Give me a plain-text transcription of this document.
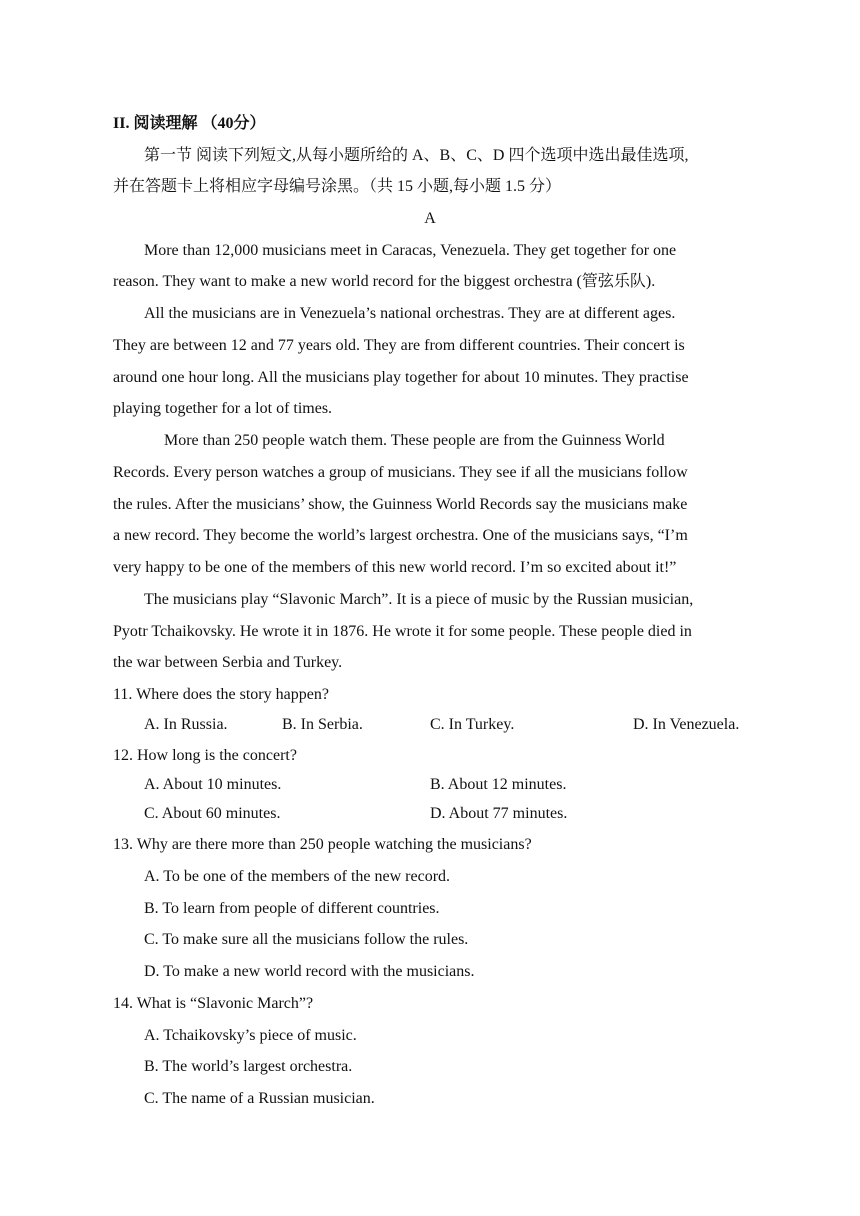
II. 阅读理解 （40分）
第一节 阅读下列短文,从每小题所给的 A、B、C、D 四个选项中选出最佳选项,
并在答题卡上将相应字母编号涂黑。（共 15 小题,每小题 1.5 分）
A
More than 12,000 musicians meet in Caracas, Venezuela. They get together for one
reason. They want to make a new world record for the biggest orchestra (管弦乐队).
All the musicians are in Venezuela’s national orchestras. They are at different ages.
They are between 12 and 77 years old. They are from different countries. Their concert is
around one hour long. All the musicians play together for about 10 minutes. They practise
playing together for a lot of times.
More than 250 people watch them. These people are from the Guinness World
Records. Every person watches a group of musicians. They see if all the musicians follow
the rules. After the musicians’ show, the Guinness World Records say the musicians make
a new record. They become the world’s largest orchestra. One of the musicians says, “I’m
very happy to be one of the members of this new world record. I’m so excited about it!”
The musicians play “Slavonic March”. It is a piece of music by the Russian musician,
Pyotr Tchaikovsky. He wrote it in 1876. He wrote it for some people. These people died in
the war between Serbia and Turkey.
11. Where does the story happen?
A. In Russia.	B. In Serbia.	C. In Turkey.	D. In Venezuela.
12. How long is the concert?
A. About 10 minutes.	B. About 12 minutes.
C. About 60 minutes.	D. About 77 minutes.
13. Why are there more than 250 people watching the musicians?
A. To be one of the members of the new record.
B. To learn from people of different countries.
C. To make sure all the musicians follow the rules.
D. To make a new world record with the musicians.
14. What is “Slavonic March”?
A. Tchaikovsky’s piece of music.
B. The world’s largest orchestra.
C. The name of a Russian musician.
